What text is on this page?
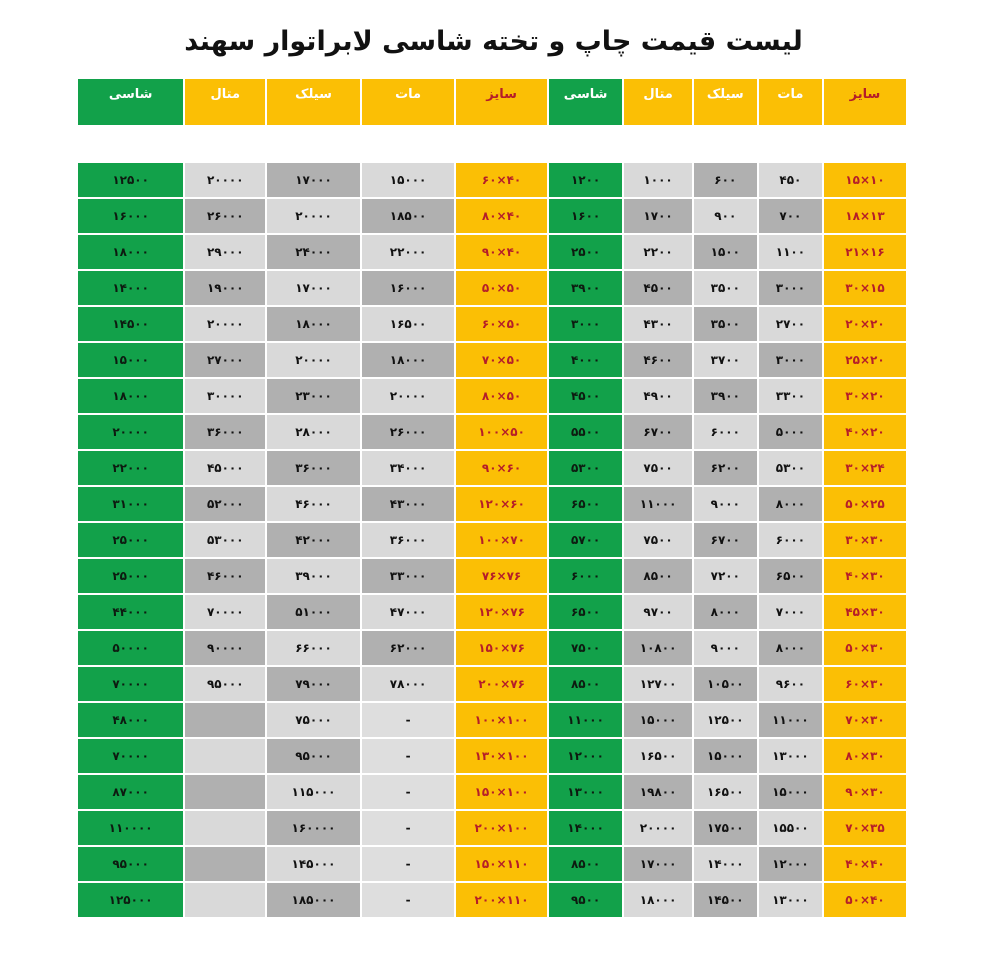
لیست قیمت چاپ و تخته شاسی لابراتوار سهند
سایز	مات	سیلک	متال	شاسی	سایز	مات	سیلک	متال	شاسی

۱۰×۱۵	۴۵۰	۶۰۰	۱۰۰۰	۱۲۰۰	۴۰×۶۰	۱۵۰۰۰	۱۷۰۰۰	۲۰۰۰۰	۱۲۵۰۰
۱۳×۱۸	۷۰۰	۹۰۰	۱۷۰۰	۱۶۰۰	۴۰×۸۰	۱۸۵۰۰	۲۰۰۰۰	۲۶۰۰۰	۱۶۰۰۰
۱۶×۲۱	۱۱۰۰	۱۵۰۰	۲۲۰۰	۲۵۰۰	۴۰×۹۰	۲۲۰۰۰	۲۴۰۰۰	۲۹۰۰۰	۱۸۰۰۰
۱۵×۳۰	۳۰۰۰	۳۵۰۰	۴۵۰۰	۳۹۰۰	۵۰×۵۰	۱۶۰۰۰	۱۷۰۰۰	۱۹۰۰۰	۱۴۰۰۰
۲۰×۲۰	۲۷۰۰	۳۵۰۰	۴۳۰۰	۳۰۰۰	۵۰×۶۰	۱۶۵۰۰	۱۸۰۰۰	۲۰۰۰۰	۱۴۵۰۰
۲۰×۲۵	۳۰۰۰	۳۷۰۰	۴۶۰۰	۴۰۰۰	۵۰×۷۰	۱۸۰۰۰	۲۰۰۰۰	۲۷۰۰۰	۱۵۰۰۰
۲۰×۳۰	۳۳۰۰	۳۹۰۰	۴۹۰۰	۴۵۰۰	۵۰×۸۰	۲۰۰۰۰	۲۳۰۰۰	۳۰۰۰۰	۱۸۰۰۰
۲۰×۴۰	۵۰۰۰	۶۰۰۰	۶۷۰۰	۵۵۰۰	۵۰×۱۰۰	۲۶۰۰۰	۲۸۰۰۰	۳۶۰۰۰	۲۰۰۰۰
۲۴×۳۰	۵۳۰۰	۶۲۰۰	۷۵۰۰	۵۳۰۰	۶۰×۹۰	۳۴۰۰۰	۳۶۰۰۰	۴۵۰۰۰	۲۲۰۰۰
۲۵×۵۰	۸۰۰۰	۹۰۰۰	۱۱۰۰۰	۶۵۰۰	۶۰×۱۲۰	۴۳۰۰۰	۴۶۰۰۰	۵۲۰۰۰	۳۱۰۰۰
۳۰×۳۰	۶۰۰۰	۶۷۰۰	۷۵۰۰	۵۷۰۰	۷۰×۱۰۰	۳۶۰۰۰	۴۲۰۰۰	۵۳۰۰۰	۲۵۰۰۰
۳۰×۴۰	۶۵۰۰	۷۲۰۰	۸۵۰۰	۶۰۰۰	۷۶×۷۶	۳۳۰۰۰	۳۹۰۰۰	۴۶۰۰۰	۲۵۰۰۰
۳۰×۴۵	۷۰۰۰	۸۰۰۰	۹۷۰۰	۶۵۰۰	۷۶×۱۲۰	۴۷۰۰۰	۵۱۰۰۰	۷۰۰۰۰	۴۴۰۰۰
۳۰×۵۰	۸۰۰۰	۹۰۰۰	۱۰۸۰۰	۷۵۰۰	۷۶×۱۵۰	۶۲۰۰۰	۶۶۰۰۰	۹۰۰۰۰	۵۰۰۰۰
۳۰×۶۰	۹۶۰۰	۱۰۵۰۰	۱۲۷۰۰	۸۵۰۰	۷۶×۲۰۰	۷۸۰۰۰	۷۹۰۰۰	۹۵۰۰۰	۷۰۰۰۰
۳۰×۷۰	۱۱۰۰۰	۱۲۵۰۰	۱۵۰۰۰	۱۱۰۰۰	۱۰۰×۱۰۰	-	۷۵۰۰۰		۴۸۰۰۰
۳۰×۸۰	۱۳۰۰۰	۱۵۰۰۰	۱۶۵۰۰	۱۲۰۰۰	۱۰۰×۱۳۰	-	۹۵۰۰۰		۷۰۰۰۰
۳۰×۹۰	۱۵۰۰۰	۱۶۵۰۰	۱۹۸۰۰	۱۳۰۰۰	۱۰۰×۱۵۰	-	۱۱۵۰۰۰		۸۷۰۰۰
۳۵×۷۰	۱۵۵۰۰	۱۷۵۰۰	۲۰۰۰۰	۱۴۰۰۰	۱۰۰×۲۰۰	-	۱۶۰۰۰۰		۱۱۰۰۰۰
۴۰×۴۰	۱۲۰۰۰	۱۴۰۰۰	۱۷۰۰۰	۸۵۰۰	۱۱۰×۱۵۰	-	۱۴۵۰۰۰		۹۵۰۰۰
۴۰×۵۰	۱۳۰۰۰	۱۴۵۰۰	۱۸۰۰۰	۹۵۰۰	۱۱۰×۲۰۰	-	۱۸۵۰۰۰		۱۲۵۰۰۰
